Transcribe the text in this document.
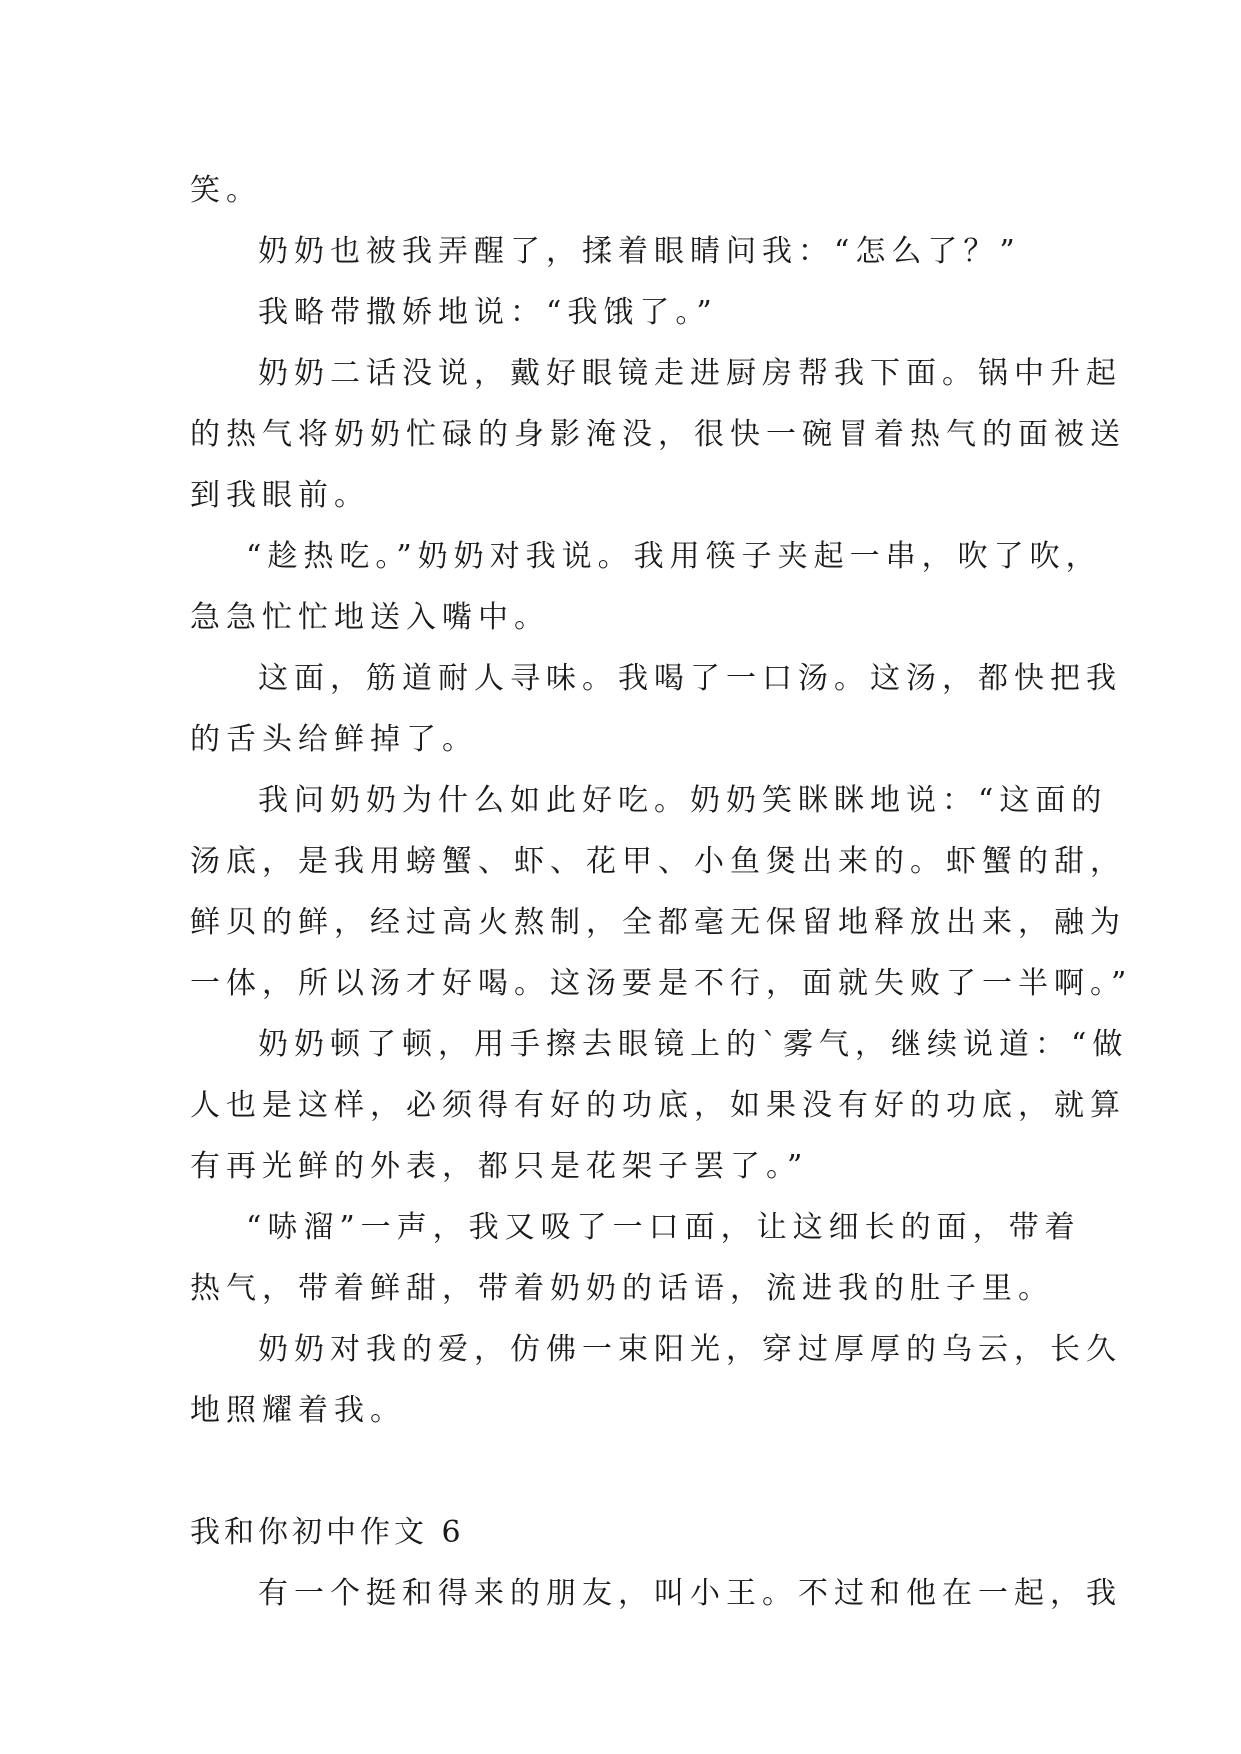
笑。
奶奶也被我弄醒了，揉着眼睛问我：“怎么了？”
我略带撒娇地说：“我饿了。”
奶奶二话没说，戴好眼镜走进厨房帮我下面。锅中升起
的热气将奶奶忙碌的身影淹没，很快一碗冒着热气的面被送
到我眼前。
“趁热吃。”奶奶对我说。我用筷子夹起一串，吹了吹，
急急忙忙地送入嘴中。
这面，筋道耐人寻味。我喝了一口汤。这汤，都快把我
的舌头给鲜掉了。
我问奶奶为什么如此好吃。奶奶笑眯眯地说：“这面的
汤底，是我用螃蟹、虾、花甲、小鱼煲出来的。虾蟹的甜，
鲜贝的鲜，经过高火熬制，全都毫无保留地释放出来，融为
一体，所以汤才好喝。这汤要是不行，面就失败了一半啊。”
奶奶顿了顿，用手擦去眼镜上的`雾气，继续说道：“做
人也是这样，必须得有好的功底，如果没有好的功底，就算
有再光鲜的外表，都只是花架子罢了。”
“哧溜”一声，我又吸了一口面，让这细长的面，带着
热气，带着鲜甜，带着奶奶的话语，流进我的肚子里。
奶奶对我的爱，仿佛一束阳光，穿过厚厚的乌云，长久
地照耀着我。
我和你初中作文 6
有一个挺和得来的朋友，叫小王。不过和他在一起，我
